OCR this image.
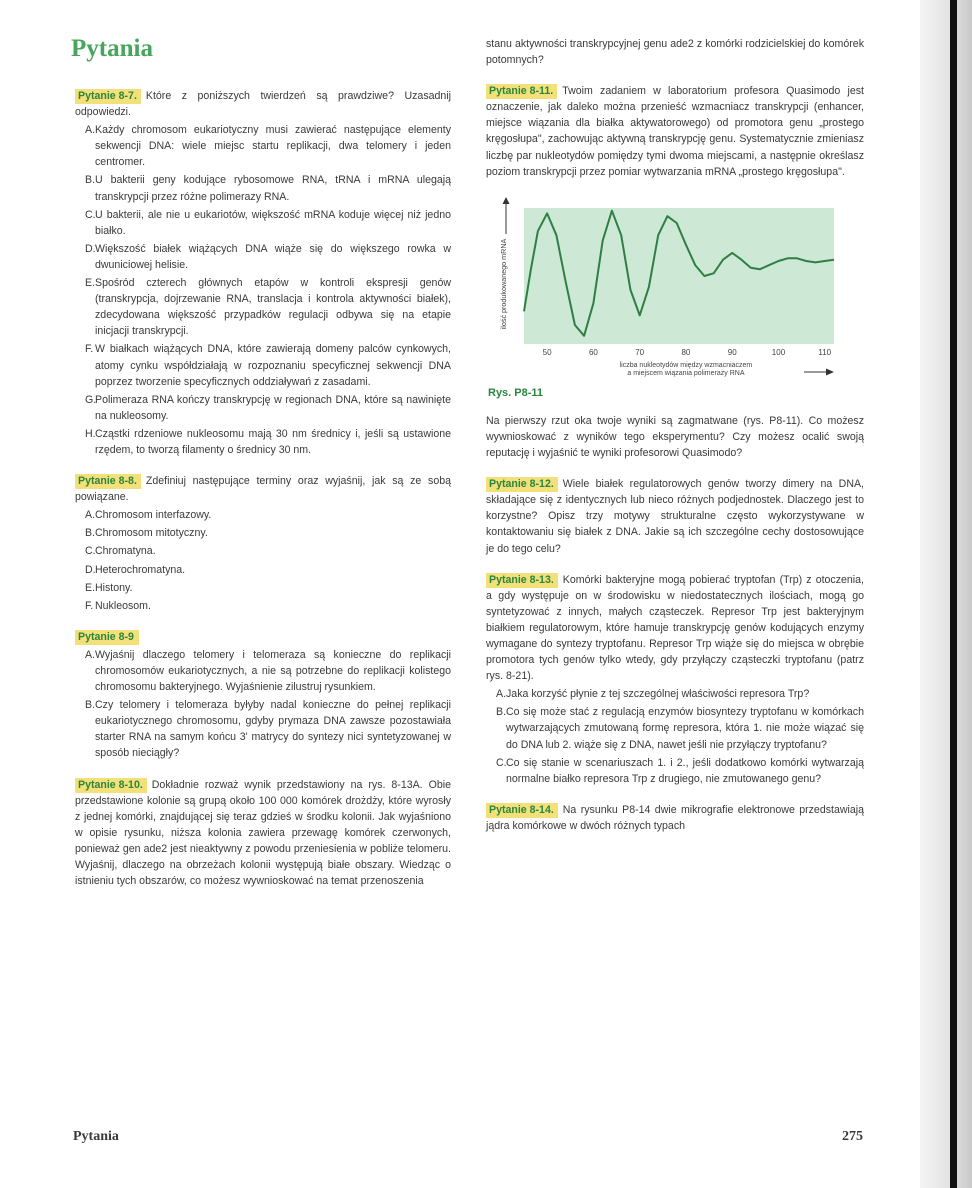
Pytania

Pytanie 8-7. Które z poniższych twierdzeń są prawdziwe? Uzasadnij odpowiedzi.

A. Każdy chromosom eukariotyczny musi zawierać następujące elementy sekwencji DNA: wiele miejsc startu replikacji, dwa telomery i jeden centromer.
B. U bakterii geny kodujące rybosomowe RNA, tRNA i mRNA ulegają transkrypcji przez różne polimerazy RNA.
C. U bakterii, ale nie u eukariotów, większość mRNA koduje więcej niż jedno białko.
D. Większość białek wiążących DNA wiąże się do większego rowka w dwuniciowej helisie.
E. Spośród czterech głównych etapów w kontroli ekspresji genów (transkrypcja, dojrzewanie RNA, translacja i kontrola aktywności białek), zdecydowana większość przypadków regulacji odbywa się na etapie inicjacji transkrypcji.
F. W białkach wiążących DNA, które zawierają domeny palców cynkowych, atomy cynku współdziałają w rozpoznaniu specyficznej sekwencji DNA poprzez tworzenie specyficznych oddziaływań z zasadami.
G.
Polimeraza RNA kończy transkrypcję w regionach DNA, które są nawinięte na nukleosomy.
H. Cząstki rdzeniowe nukleosomu mają 30 nm średnicy i, jeśli są ustawione rzędem, to tworzą filamenty o średnicy 30 nm.

Pytanie 8-8. Zdefiniuj następujące terminy oraz wyjaśnij, jak są ze sobą powiązane.

A. Chromosom interfazowy.
B. Chromosom mitotyczny.
C. Chromatyna.
D. Heterochromatyna.
E. Histony.
F. Nukleosom.

Pytanie 8-9

A. Wyjaśnij dlaczego telomery i telomeraza są konieczne do replikacji chromosomów eukariotycznych, a nie są potrzebne do replikacji kolistego chromosomu bakteryjnego. Wyjaśnienie zilustruj rysunkiem.
B. Czy telomery i telomeraza byłyby nadal konieczne do pełnej replikacji eukariotycznego chromosomu, gdyby prymaza DNA zawsze pozostawiała starter RNA na samym końcu 3' matrycy do syntezy nici syntetyzowanej w sposób nieciągły?

Pytanie 8-10. Dokładnie rozważ wynik przedstawiony na rys. 8-13A. Obie przedstawione kolonie są grupą około 100 000 komórek drożdży, które wyrosły z jednej komórki, znajdującej się teraz gdzieś w środku kolonii. Jak wyjaśniono w opisie rysunku, niższa kolonia zawiera przewagę komórek czerwonych, ponieważ gen ade2 jest nieaktywny z powodu przeniesienia w pobliże telomeru. Wyjaśnij, dlaczego na obrzeżach kolonii występują białe obszary. Wiedząc o istnieniu tych obszarów, co możesz wywnioskować na temat przenoszenia

stanu aktywności transkrypcyjnej genu ade2 z komórki rodzicielskiej do komórek potomnych?

Pytanie 8-11. Twoim zadaniem w laboratorium profesora Quasimodo jest oznaczenie, jak daleko można przenieść wzmacniacz transkrypcji (enhancer, miejsce wiązania dla białka aktywatorowego) od promotora genu „prostego kręgosłupa", zachowując aktywną transkrypcję genu. Systematycznie zmieniasz liczbę par nukleotydów pomiędzy tymi dwoma miejscami, a następnie określasz poziom transkrypcji przez pomiar wytwarzania mRNA „prostego kręgosłupa".

50	60	70	80	90	100	110
ilość produkowanego mRNA
liczba nukleotydów między wzmacniaczem
a miejscem wiązania polimerazy RNA
Rys. P8-11

Na pierwszy rzut oka twoje wyniki są zagmatwane (rys. P8-11). Co możesz wywnioskować z wyników tego eksperymentu? Czy możesz ocalić swoją reputację i wyjaśnić te wyniki profesorowi Quasimodo?

Pytanie 8-12. Wiele białek regulatorowych genów tworzy dimery na DNA, składające się z identycznych lub nieco różnych podjednostek. Dlaczego jest to korzystne? Opisz trzy motywy strukturalne często wykorzystywane w kontaktowaniu się białek z DNA. Jakie są ich szczególne cechy dostosowujące je do tego celu?

Pytanie 8-13. Komórki bakteryjne mogą pobierać tryptofan (Trp) z otoczenia, a gdy występuje on w środowisku w niedostatecznych ilościach, mogą go syntetyzować z innych, małych cząsteczek. Represor Trp jest bakteryjnym białkiem regulatorowym, które hamuje transkrypcję genów kodujących enzymy wymagane do syntezy tryptofanu. Represor Trp wiąże się do miejsca w obrębie promotora tych genów tylko wtedy, gdy przyłączy cząsteczki tryptofanu (patrz rys. 8-21).

A. Jaka korzyść płynie z tej szczególnej właściwości represora Trp?
B. Co się może stać z regulacją enzymów biosyntezy tryptofanu w komórkach wytwarzających zmutowaną formę represora, która 1. nie może wiązać się do DNA lub 2. wiąże się z DNA, nawet jeśli nie przyłączy tryptofanu?
C. Co się stanie w scenariuszach 1. i 2., jeśli dodatkowo komórki wytwarzają normalne białko represora Trp z drugiego, nie zmutowanego genu?

Pytanie 8-14. Na rysunku P8-14 dwie mikrografie elektronowe przedstawiają jądra komórkowe w dwóch różnych typach

Pytania	275
